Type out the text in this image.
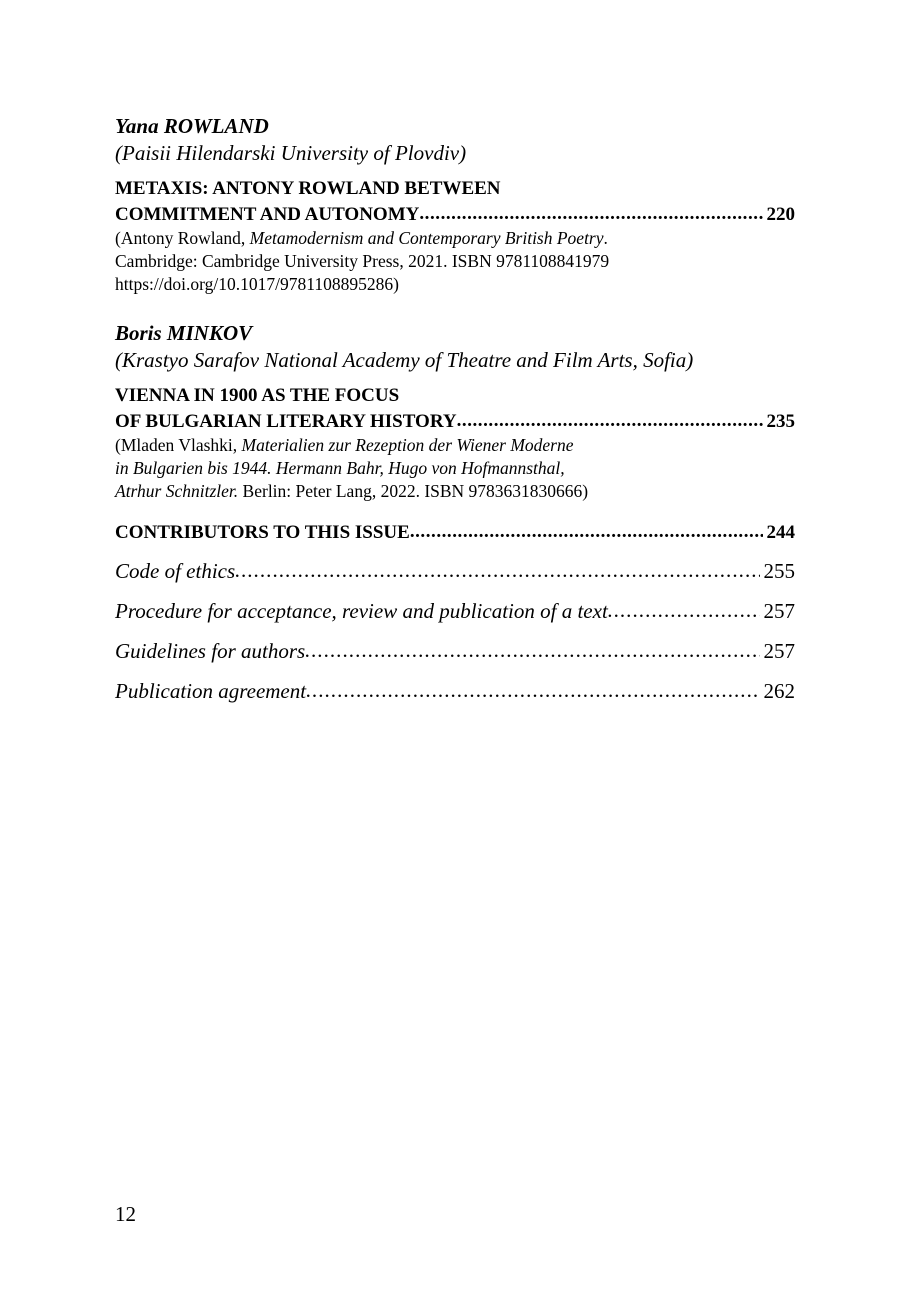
Yana ROWLAND
(Paisii Hilendarski University of Plovdiv)
METAXIS: ANTONY ROWLAND BETWEEN
COMMITMENT AND AUTONOMY . . .	220
(Antony Rowland, Metamodernism and Contemporary British Poetry.
Cambridge: Cambridge University Press, 2021. ISBN 9781108841979
https://doi.org/10.1017/9781108895286)
Boris MINKOV
(Krastyo Sarafov National Academy of Theatre and Film Arts, Sofia)
VIENNA IN 1900 AS THE FOCUS
OF BULGARIAN LITERARY HISTORY . . .	235
(Mladen Vlashki, Materialien zur Rezeption der Wiener Moderne
in Bulgarien bis 1944. Hermann Bahr, Hugo von Hofmannsthal,
Atrhur Schnitzler. Berlin: Peter Lang, 2022. ISBN 9783631830666)
CONTRIBUTORS TO THIS ISSUE . . .	244
Code of ethics . . .	255
Procedure for acceptance, review and publication of a text . . .	257
Guidelines for authors . . .	257
Publication agreement . . .	262
12
